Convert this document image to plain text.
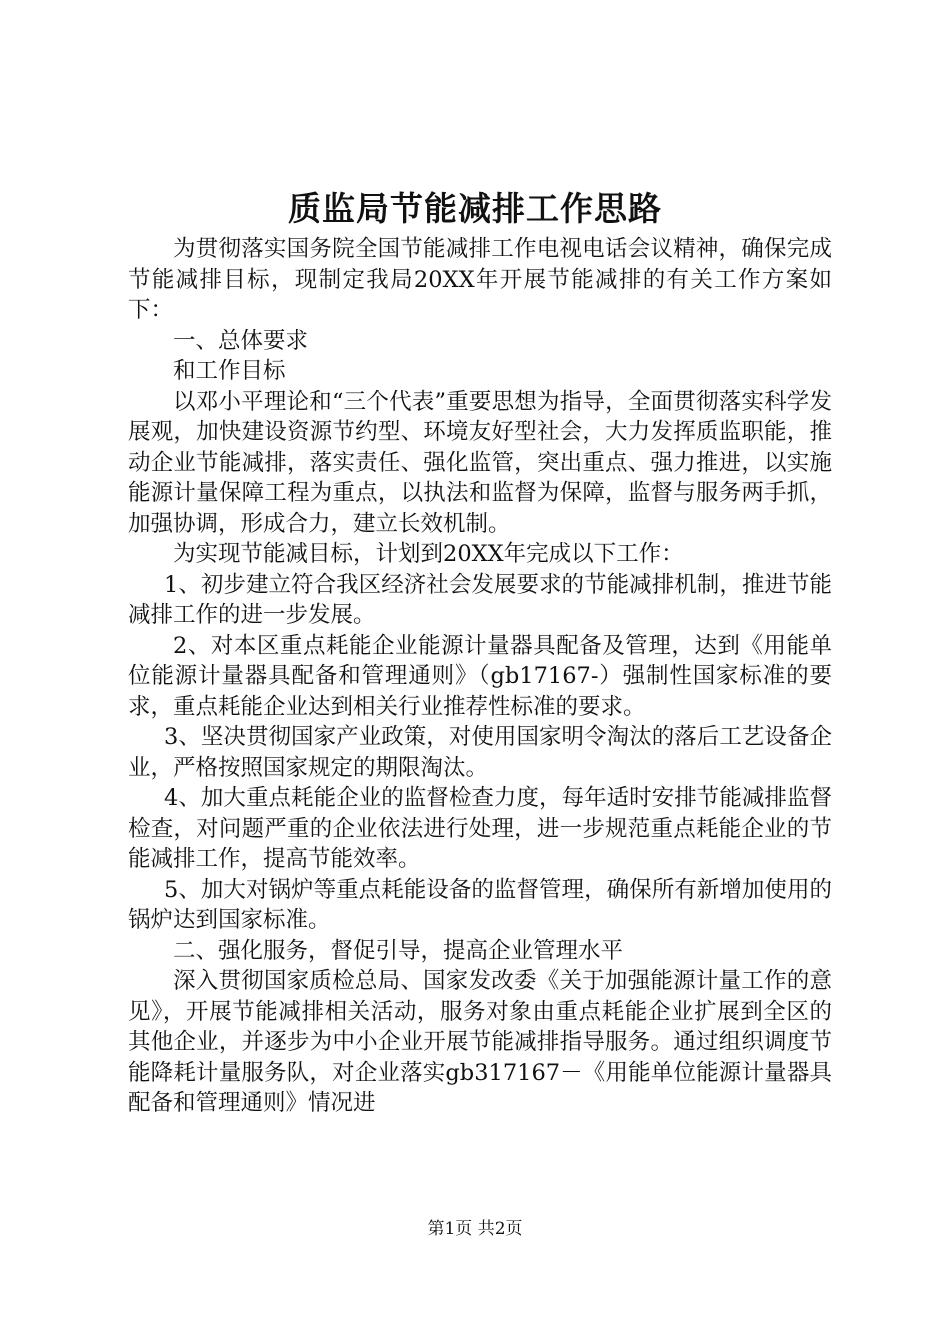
质监局节能减排工作思路

为贯彻落实国务院全国节能减排工作电视电话会议精神，确保完成节能减排目标，现制定我局20XX年开展节能减排的有关工作方案如下：

一、总体要求

和工作目标

以邓小平理论和“三个代表”重要思想为指导，全面贯彻落实科学发展观，加快建设资源节约型、环境友好型社会，大力发挥质监职能，推动企业节能减排，落实责任、强化监管，突出重点、强力推进，以实施能源计量保障工程为重点，以执法和监督为保障，监督与服务两手抓，加强协调，形成合力，建立长效机制。

为实现节能减目标，计划到20XX年完成以下工作：

1、初步建立符合我区经济社会发展要求的节能减排机制，推进节能减排工作的进一步发展。

2、对本区重点耗能企业能源计量器具配备及管理，达到《用能单位能源计量器具配备和管理通则》（gb17167-）强制性国家标准的要求，重点耗能企业达到相关行业推荐性标准的要求。

3、坚决贯彻国家产业政策，对使用国家明令淘汰的落后工艺设备企业，严格按照国家规定的期限淘汰。

4、加大重点耗能企业的监督检查力度，每年适时安排节能减排监督检查，对问题严重的企业依法进行处理，进一步规范重点耗能企业的节能减排工作，提高节能效率。

5、加大对锅炉等重点耗能设备的监督管理，确保所有新增加使用的锅炉达到国家标准。

二、强化服务，督促引导，提高企业管理水平

深入贯彻国家质检总局、国家发改委《关于加强能源计量工作的意见》，开展节能减排相关活动，服务对象由重点耗能企业扩展到全区的其他企业，并逐步为中小企业开展节能减排指导服务。通过组织调度节能降耗计量服务队，对企业落实gb317167－《用能单位能源计量器具配备和管理通则》情况进

第1页 共2页
